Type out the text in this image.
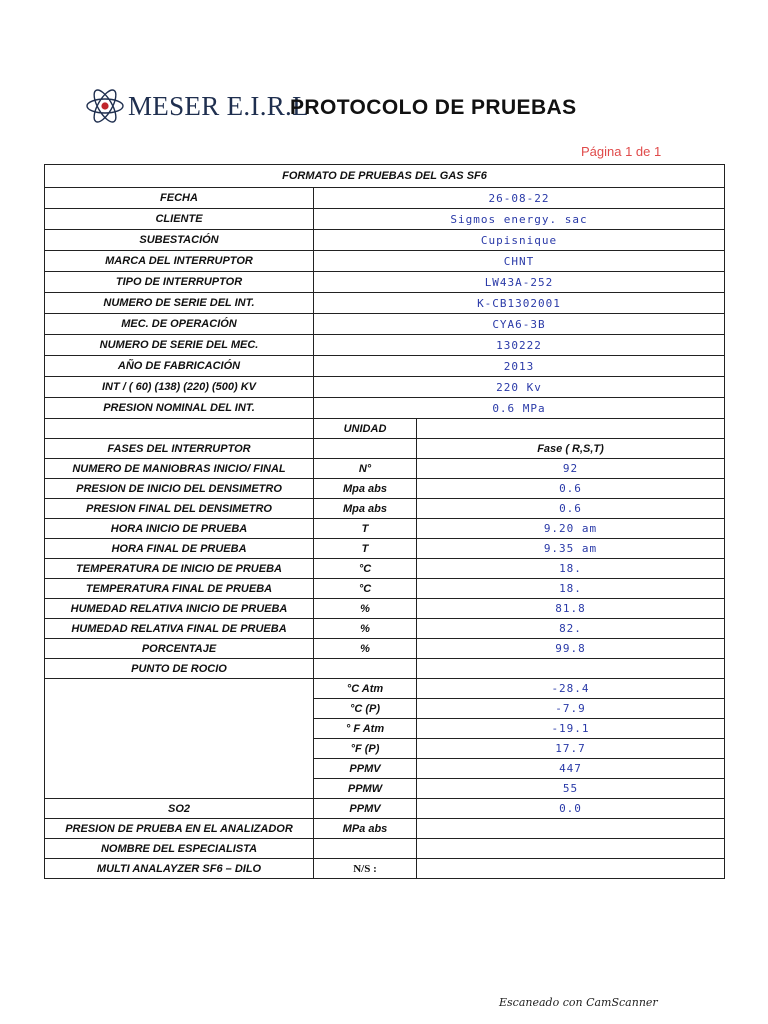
MESER E.I.R.L
PROTOCOLO DE PRUEBAS
Página 1 de 1
FORMATO DE PRUEBAS DEL GAS SF6		
FECHA	26-08-22	
CLIENTE	Sigmos energy. sac	
SUBESTACIÓN	Cupisnique	
MARCA DEL INTERRUPTOR	CHNT	
TIPO DE INTERRUPTOR	LW43A-252	
NUMERO DE SERIE DEL INT.	K-CB1302001	
MEC. DE OPERACIÓN	CYA6-3B	
NUMERO DE SERIE DEL MEC.	130222	
AÑO DE FABRICACIÓN	2013	
INT / ( 60) (138) (220) (500) KV	220 Kv	
PRESION NOMINAL DEL INT.	0.6 MPa	
	UNIDAD	
FASES DEL INTERRUPTOR		Fase ( R,S,T)
NUMERO DE MANIOBRAS INICIO/ FINAL	N°	92
PRESION DE INICIO DEL DENSIMETRO	Mpa abs	0.6
PRESION FINAL DEL DENSIMETRO	Mpa abs	0.6
HORA INICIO DE PRUEBA	T	9.20 am
HORA FINAL DE PRUEBA	T	9.35 am
TEMPERATURA DE INICIO DE PRUEBA	°C	18.
TEMPERATURA FINAL DE PRUEBA	°C	18.
HUMEDAD RELATIVA INICIO DE PRUEBA	%	81.8
HUMEDAD RELATIVA FINAL DE PRUEBA	%	82.
PORCENTAJE	%	99.8
PUNTO DE ROCIO		
	°C Atm	-28.4
	°C (P)	-7.9
	° F Atm	-19.1
	°F (P)	17.7
	PPMV	447
	PPMW	55
SO2	PPMV	0.0
PRESION DE PRUEBA EN EL ANALIZADOR	MPa abs	
NOMBRE DEL ESPECIALISTA		
MULTI ANALAYZER SF6 – DILO	N/S :	
Escaneado con CamScanner
